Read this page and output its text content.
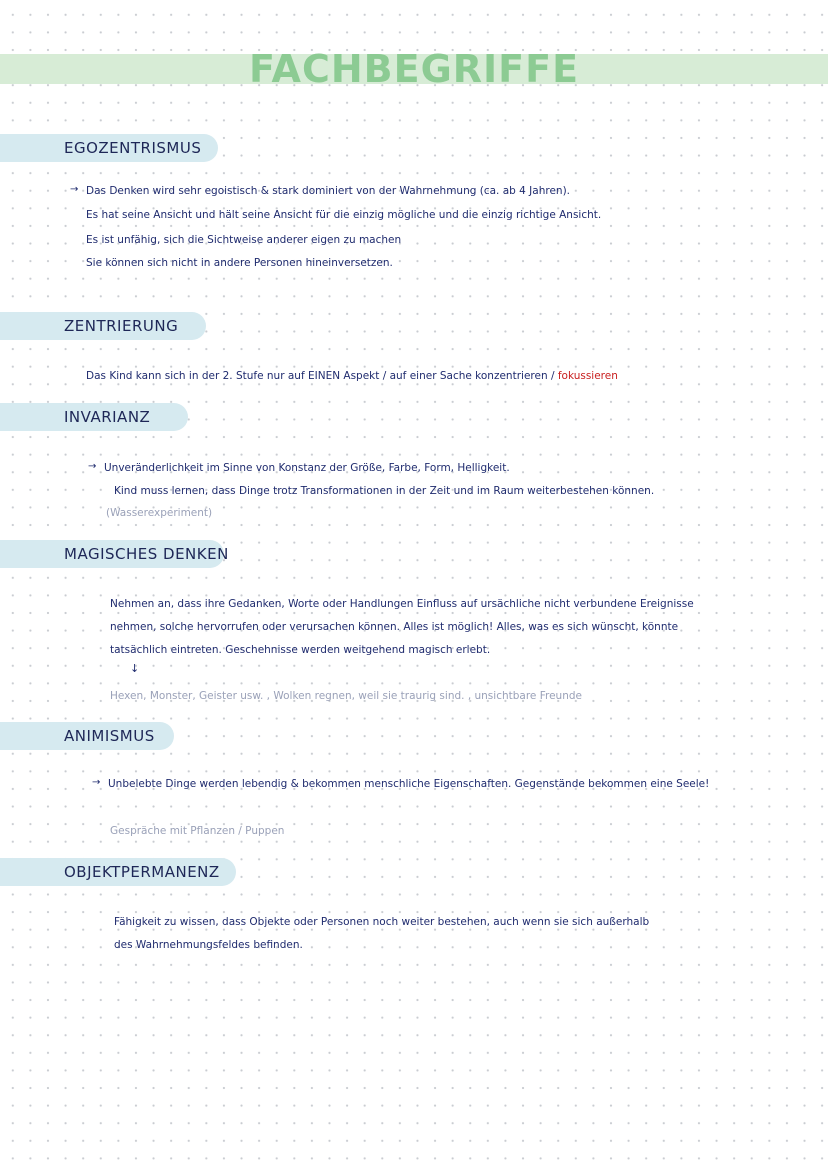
FACHBEGRIFFE
EGOZENTRISMUS
→ Das Denken wird sehr egoistisch & stark dominiert von der Wahrnehmung (ca. ab 4 Jahren).

Es hat seine Ansicht und hält seine Ansicht für die einzig mögliche und die einzig richtige Ansicht.

Es ist unfähig, sich die Sichtweise anderer eigen zu machen

Sie können sich nicht in andere Personen hineinversetzen.

ZENTRIERUNG

Das Kind kann sich in der 2. Stufe nur auf EINEN Aspekt / auf einer Sache konzentrieren / fokussieren

INVARIANZ
→ Unveränderlichkeit im Sinne von Konstanz der Größe, Farbe, Form, Helligkeit.

Kind muss lernen, dass Dinge trotz Transformationen in der Zeit und im Raum weiterbestehen können.

(Wasserexperiment)

MAGISCHES DENKEN

Nehmen an, dass ihre Gedanken, Worte oder Handlungen Einfluss auf ursächliche nicht verbundene Ereignisse

nehmen, solche hervorrufen oder verursachen können. Alles ist möglich! Alles, was es sich wünscht, könnte

tatsächlich eintreten. Geschehnisse werden weitgehend magisch erlebt.

↓

Hexen, Monster, Geister usw. , Wolken regnen, weil sie traurig sind. , unsichtbare Freunde

ANIMISMUS
→ Unbelebte Dinge werden lebendig & bekommen menschliche Eigenschaften. Gegenstände bekommen eine Seele!

Gespräche mit Pflanzen / Puppen

OBJEKTPERMANENZ

Fähigkeit zu wissen, dass Objekte oder Personen noch weiter bestehen, auch wenn sie sich außerhalb

des Wahrnehmungsfeldes befinden.
